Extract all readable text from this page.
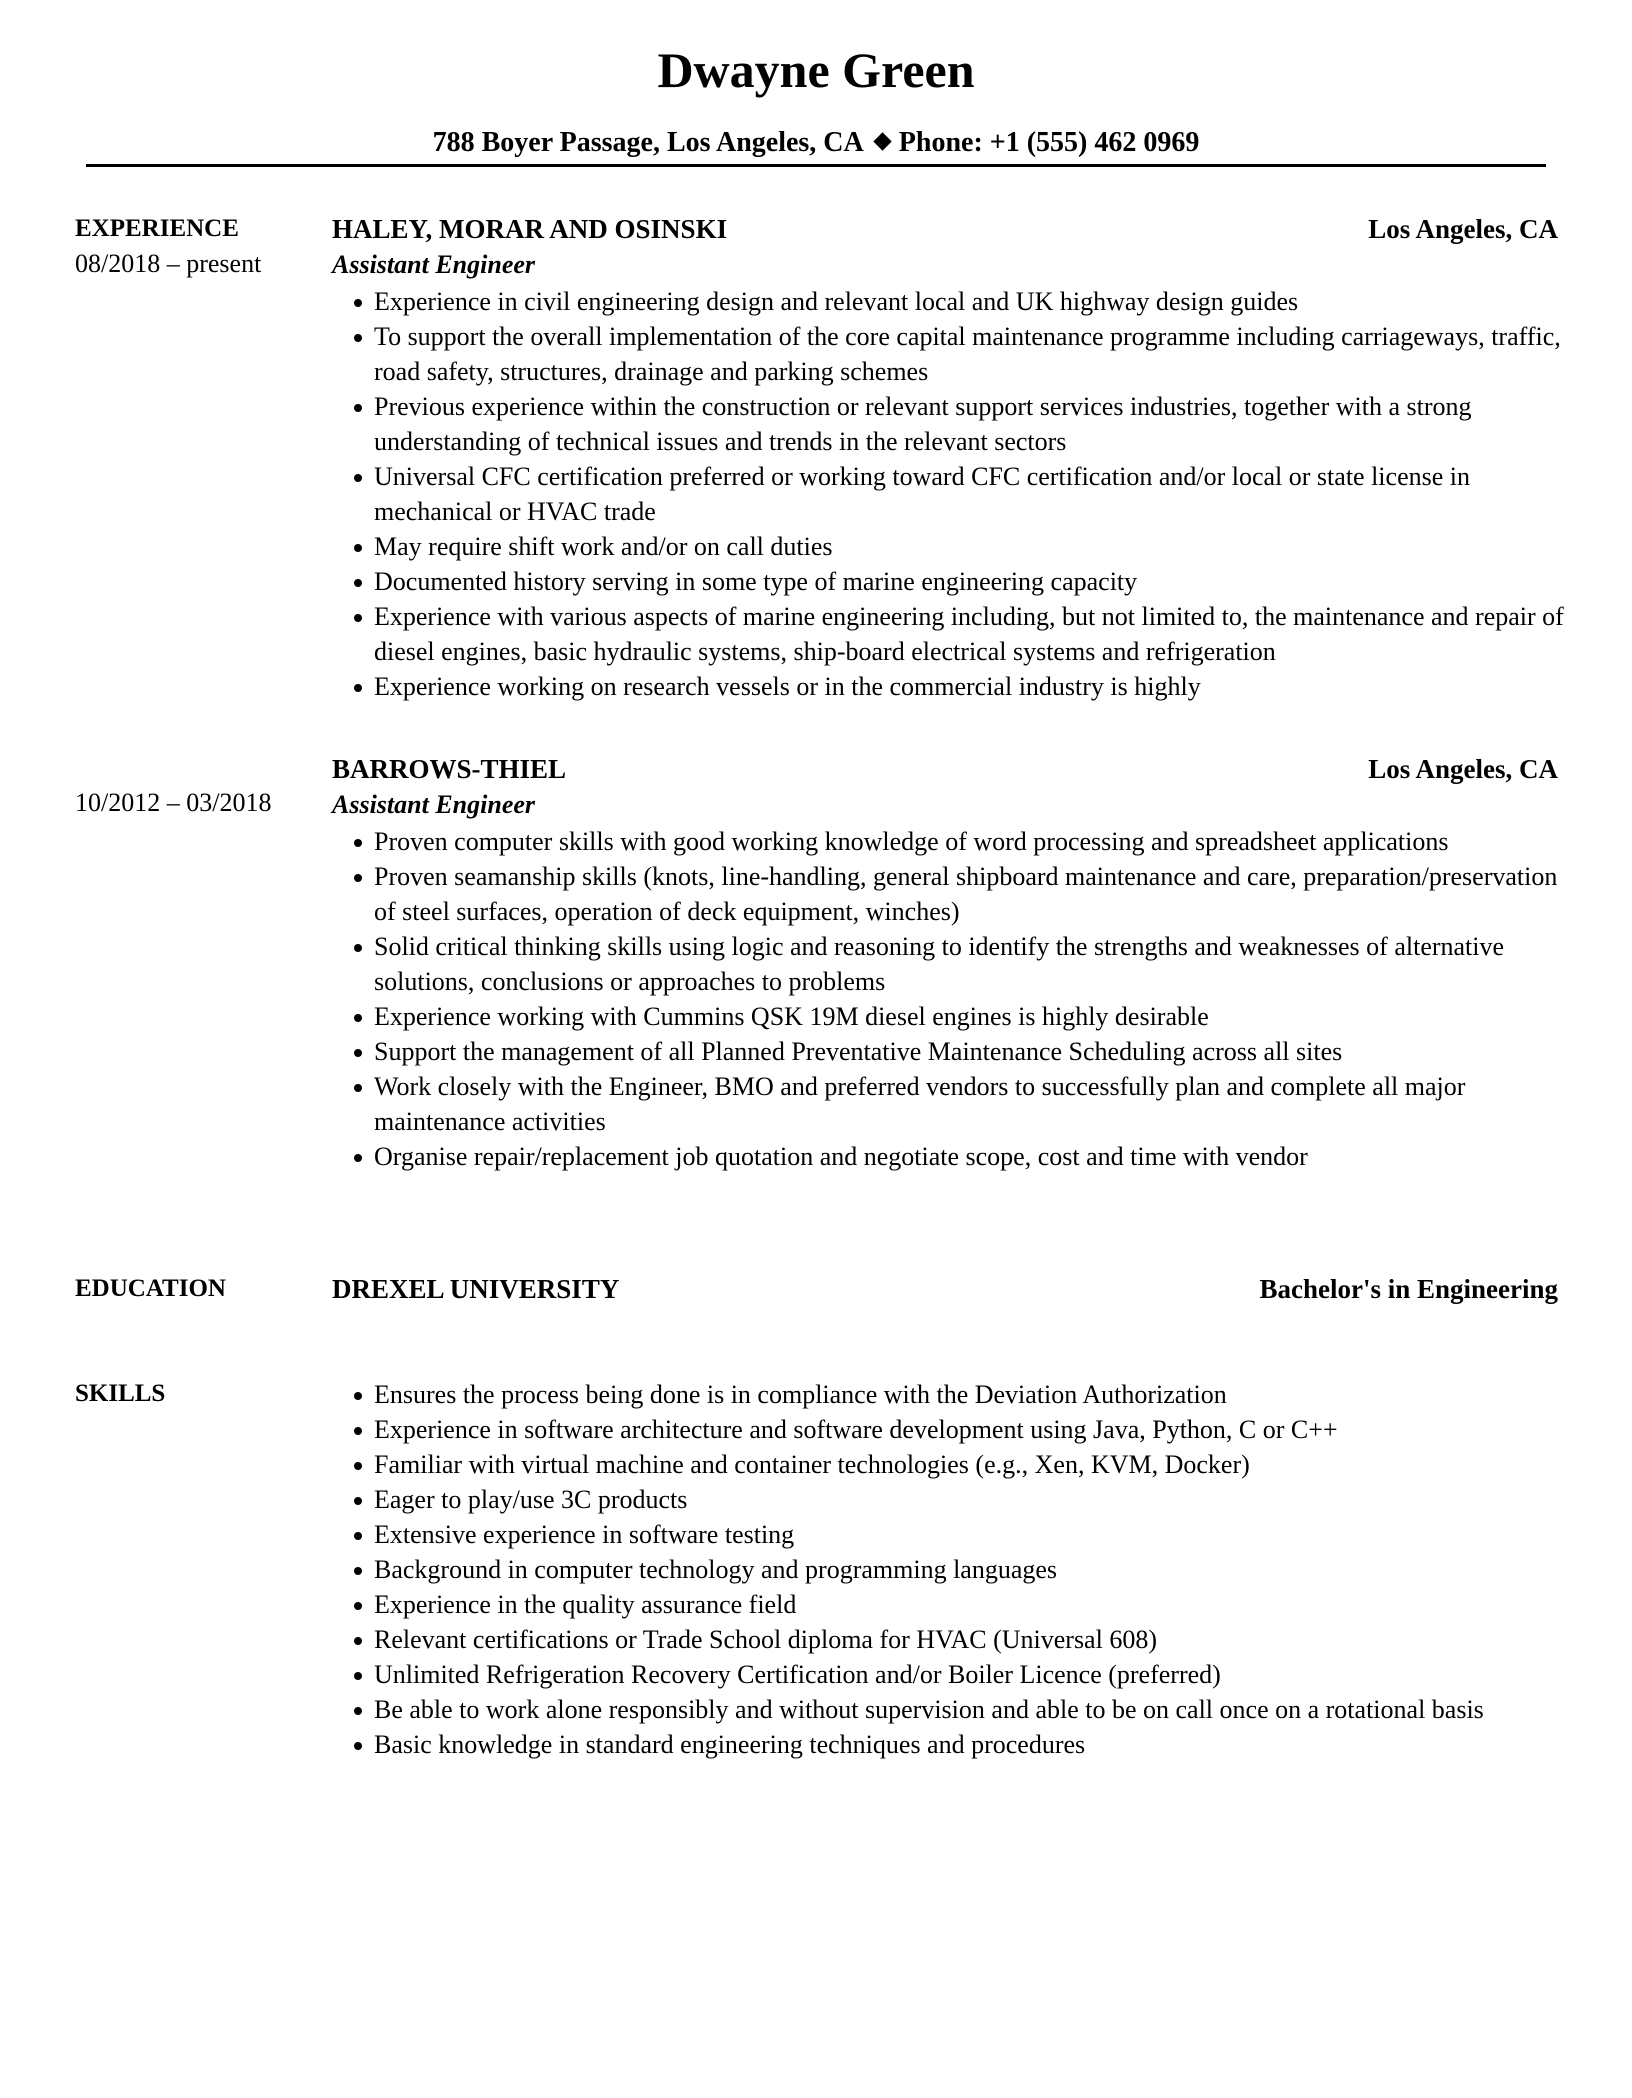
Dwayne Green
788 Boyer Passage, Los Angeles, CA Phone: +1 (555) 462 0969
EXPERIENCE
08/2018 – present
HALEY, MORAR AND OSINSKI	Los Angeles, CA
Assistant Engineer
Experience in civil engineering design and relevant local and UK highway design guides
To support the overall implementation of the core capital maintenance programme including carriageways, traffic, road safety, structures, drainage and parking schemes
Previous experience within the construction or relevant support services industries, together with a strong understanding of technical issues and trends in the relevant sectors
Universal CFC certification preferred or working toward CFC certification and/or local or state license in mechanical or HVAC trade
May require shift work and/or on call duties
Documented history serving in some type of marine engineering capacity
Experience with various aspects of marine engineering including, but not limited to, the maintenance and repair of diesel engines, basic hydraulic systems, ship-board electrical systems and refrigeration
Experience working on research vessels or in the commercial industry is highly
10/2012 – 03/2018
BARROWS-THIEL	Los Angeles, CA
Assistant Engineer
Proven computer skills with good working knowledge of word processing and spreadsheet applications
Proven seamanship skills (knots, line-handling, general shipboard maintenance and care, preparation/preservation of steel surfaces, operation of deck equipment, winches)
Solid critical thinking skills using logic and reasoning to identify the strengths and weaknesses of alternative solutions, conclusions or approaches to problems
Experience working with Cummins QSK 19M diesel engines is highly desirable
Support the management of all Planned Preventative Maintenance Scheduling across all sites
Work closely with the Engineer, BMO and preferred vendors to successfully plan and complete all major maintenance activities
Organise repair/replacement job quotation and negotiate scope, cost and time with vendor
EDUCATION	DREXEL UNIVERSITY	Bachelor's in Engineering
SKILLS	Ensures the process being done is in compliance with the Deviation Authorization
Experience in software architecture and software development using Java, Python, C or C++
Familiar with virtual machine and container technologies (e.g., Xen, KVM, Docker)
Eager to play/use 3C products
Extensive experience in software testing
Background in computer technology and programming languages
Experience in the quality assurance field
Relevant certifications or Trade School diploma for HVAC (Universal 608)
Unlimited Refrigeration Recovery Certification and/or Boiler Licence (preferred)
Be able to work alone responsibly and without supervision and able to be on call once on a rotational basis
Basic knowledge in standard engineering techniques and procedures
